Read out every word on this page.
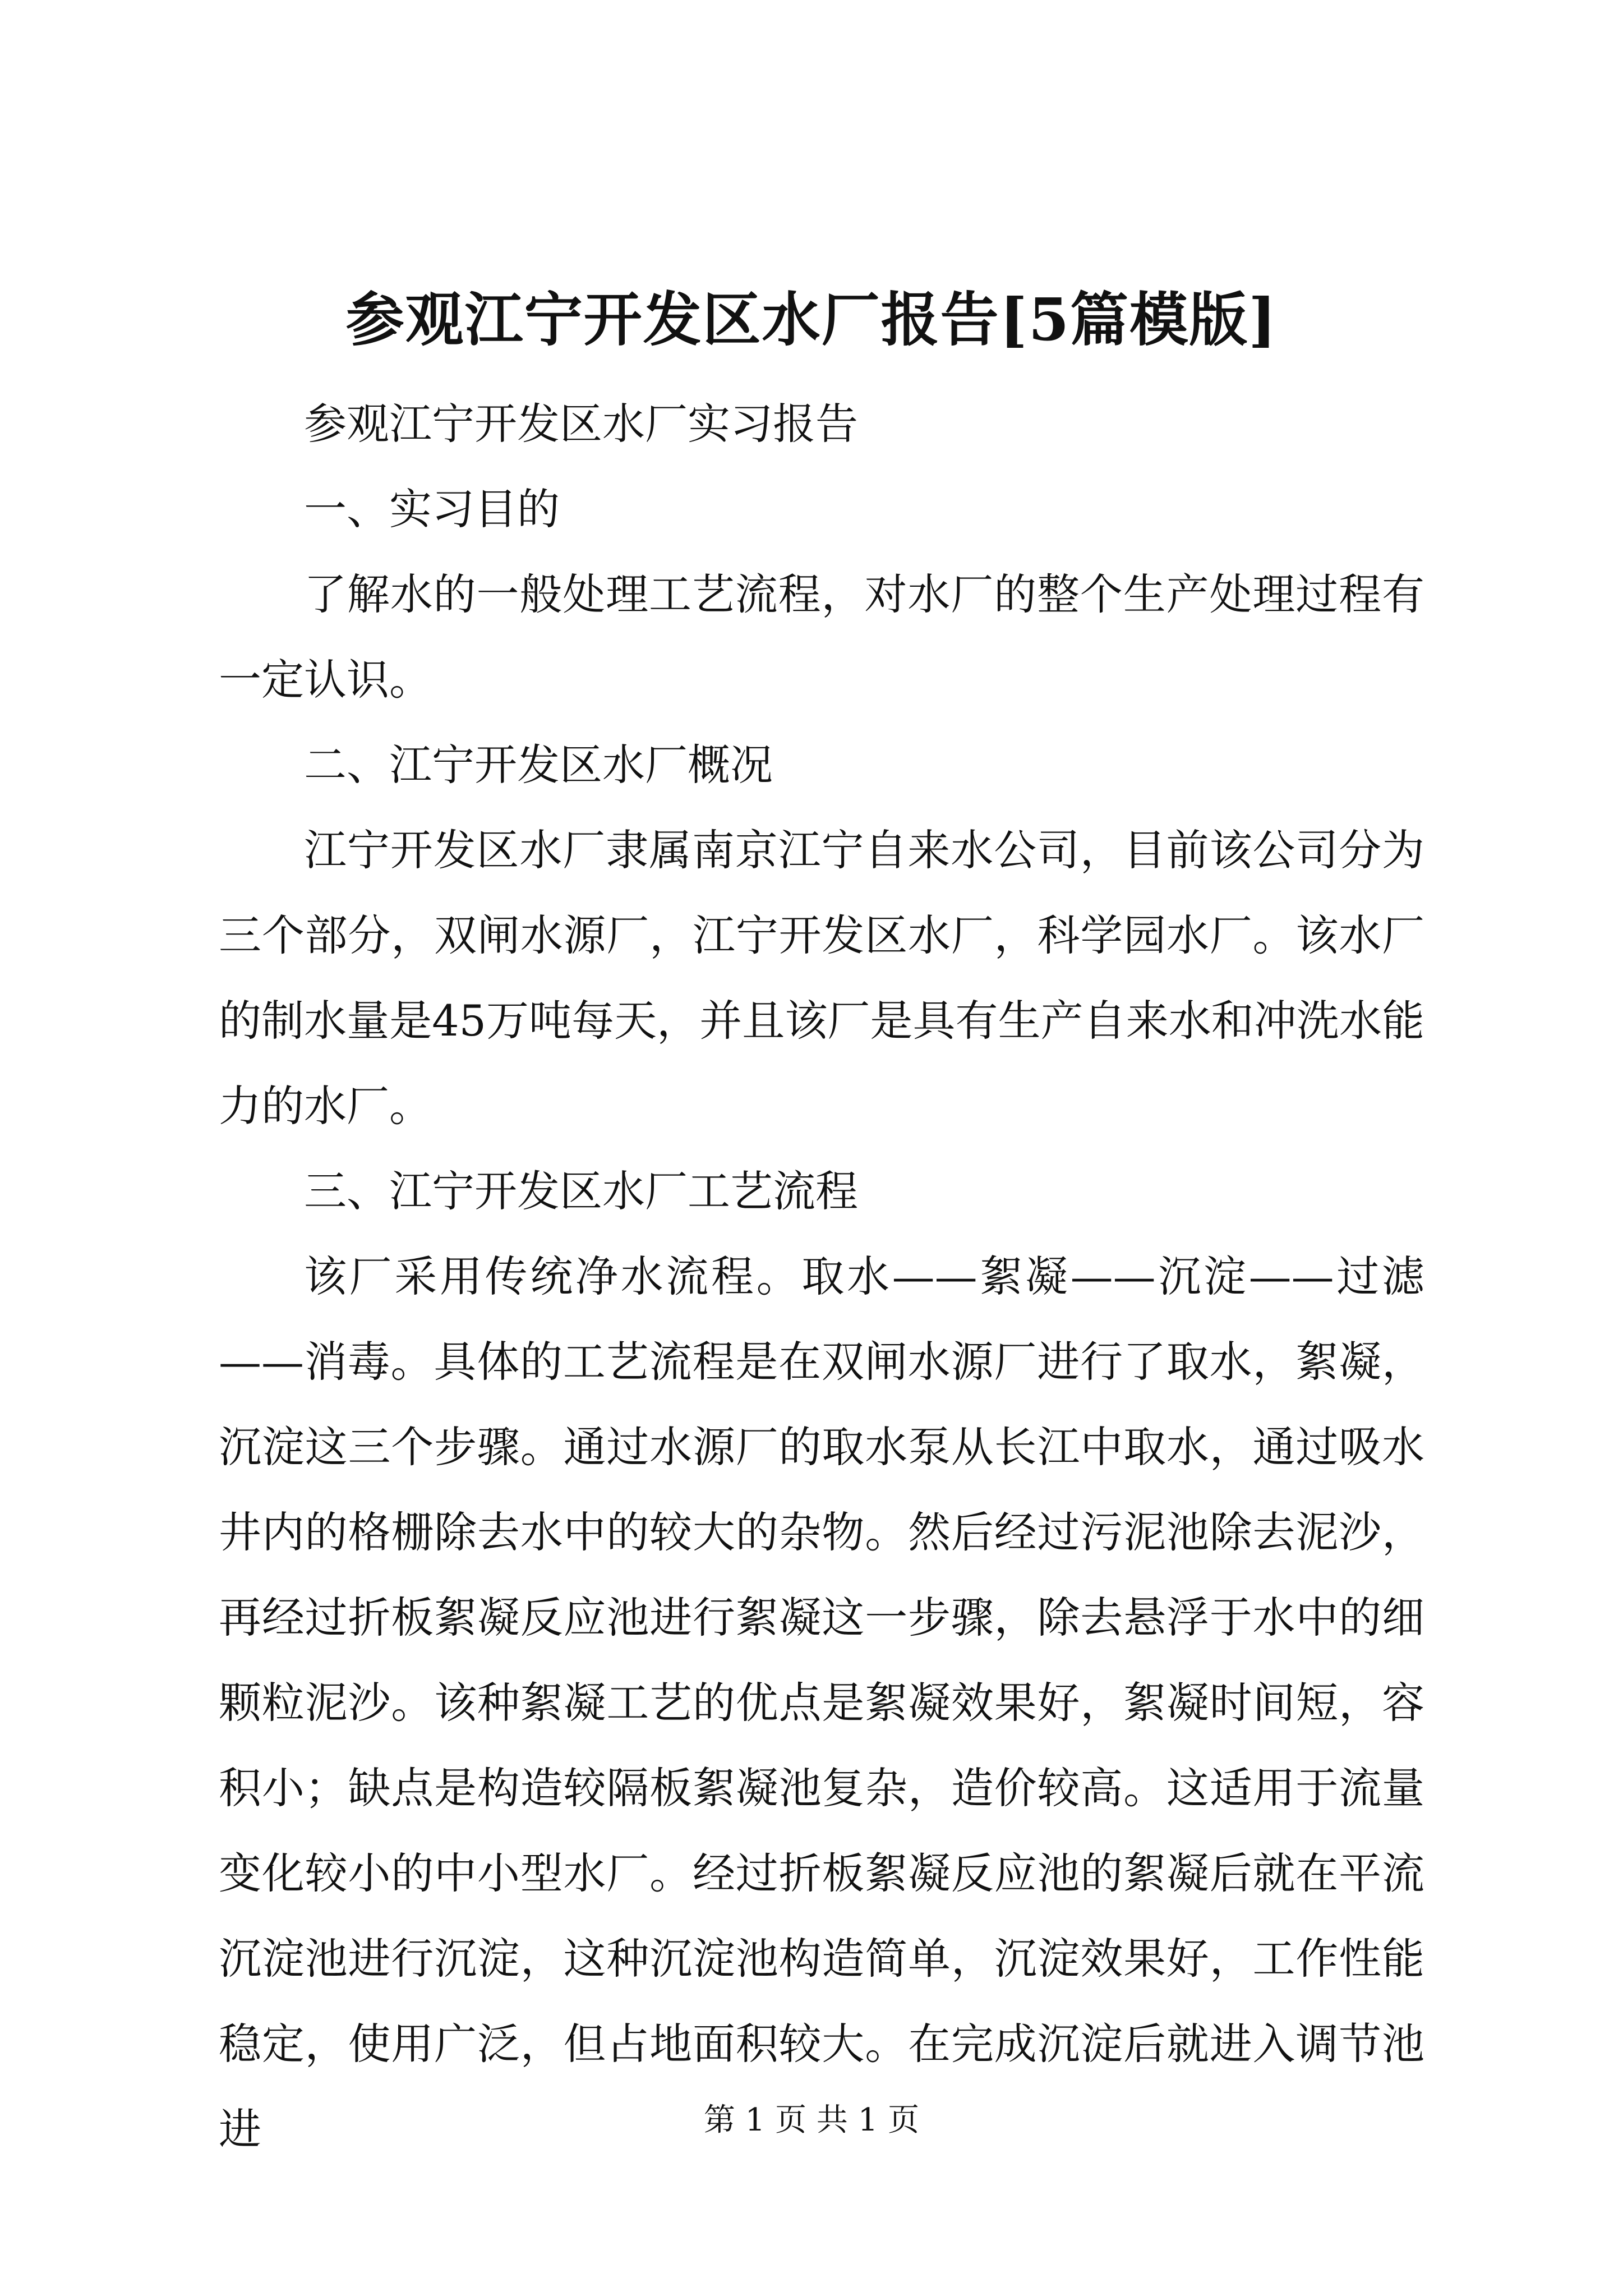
参观江宁开发区水厂报告[5篇模版]

参观江宁开发区水厂实习报告

一、实习目的

了解水的一般处理工艺流程，对水厂的整个生产处理过程有一定认识。

二、江宁开发区水厂概况

江宁开发区水厂隶属南京江宁自来水公司，目前该公司分为三个部分，双闸水源厂，江宁开发区水厂，科学园水厂。该水厂的制水量是45万吨每天，并且该厂是具有生产自来水和冲洗水能力的水厂。

三、江宁开发区水厂工艺流程

该厂采用传统净水流程。取水——絮凝——沉淀——过滤——消毒。具体的工艺流程是在双闸水源厂进行了取水，絮凝，沉淀这三个步骤。通过水源厂的取水泵从长江中取水，通过吸水井内的格栅除去水中的较大的杂物。然后经过污泥池除去泥沙，再经过折板絮凝反应池进行絮凝这一步骤，除去悬浮于水中的细颗粒泥沙。该种絮凝工艺的优点是絮凝效果好，絮凝时间短，容积小；缺点是构造较隔板絮凝池复杂，造价较高。这适用于流量变化较小的中小型水厂。经过折板絮凝反应池的絮凝后就在平流沉淀池进行沉淀，这种沉淀池构造简单，沉淀效果好，工作性能稳定，使用广泛，但占地面积较大。在完成沉淀后就进入调节池进	第 1 页 共 1 页
